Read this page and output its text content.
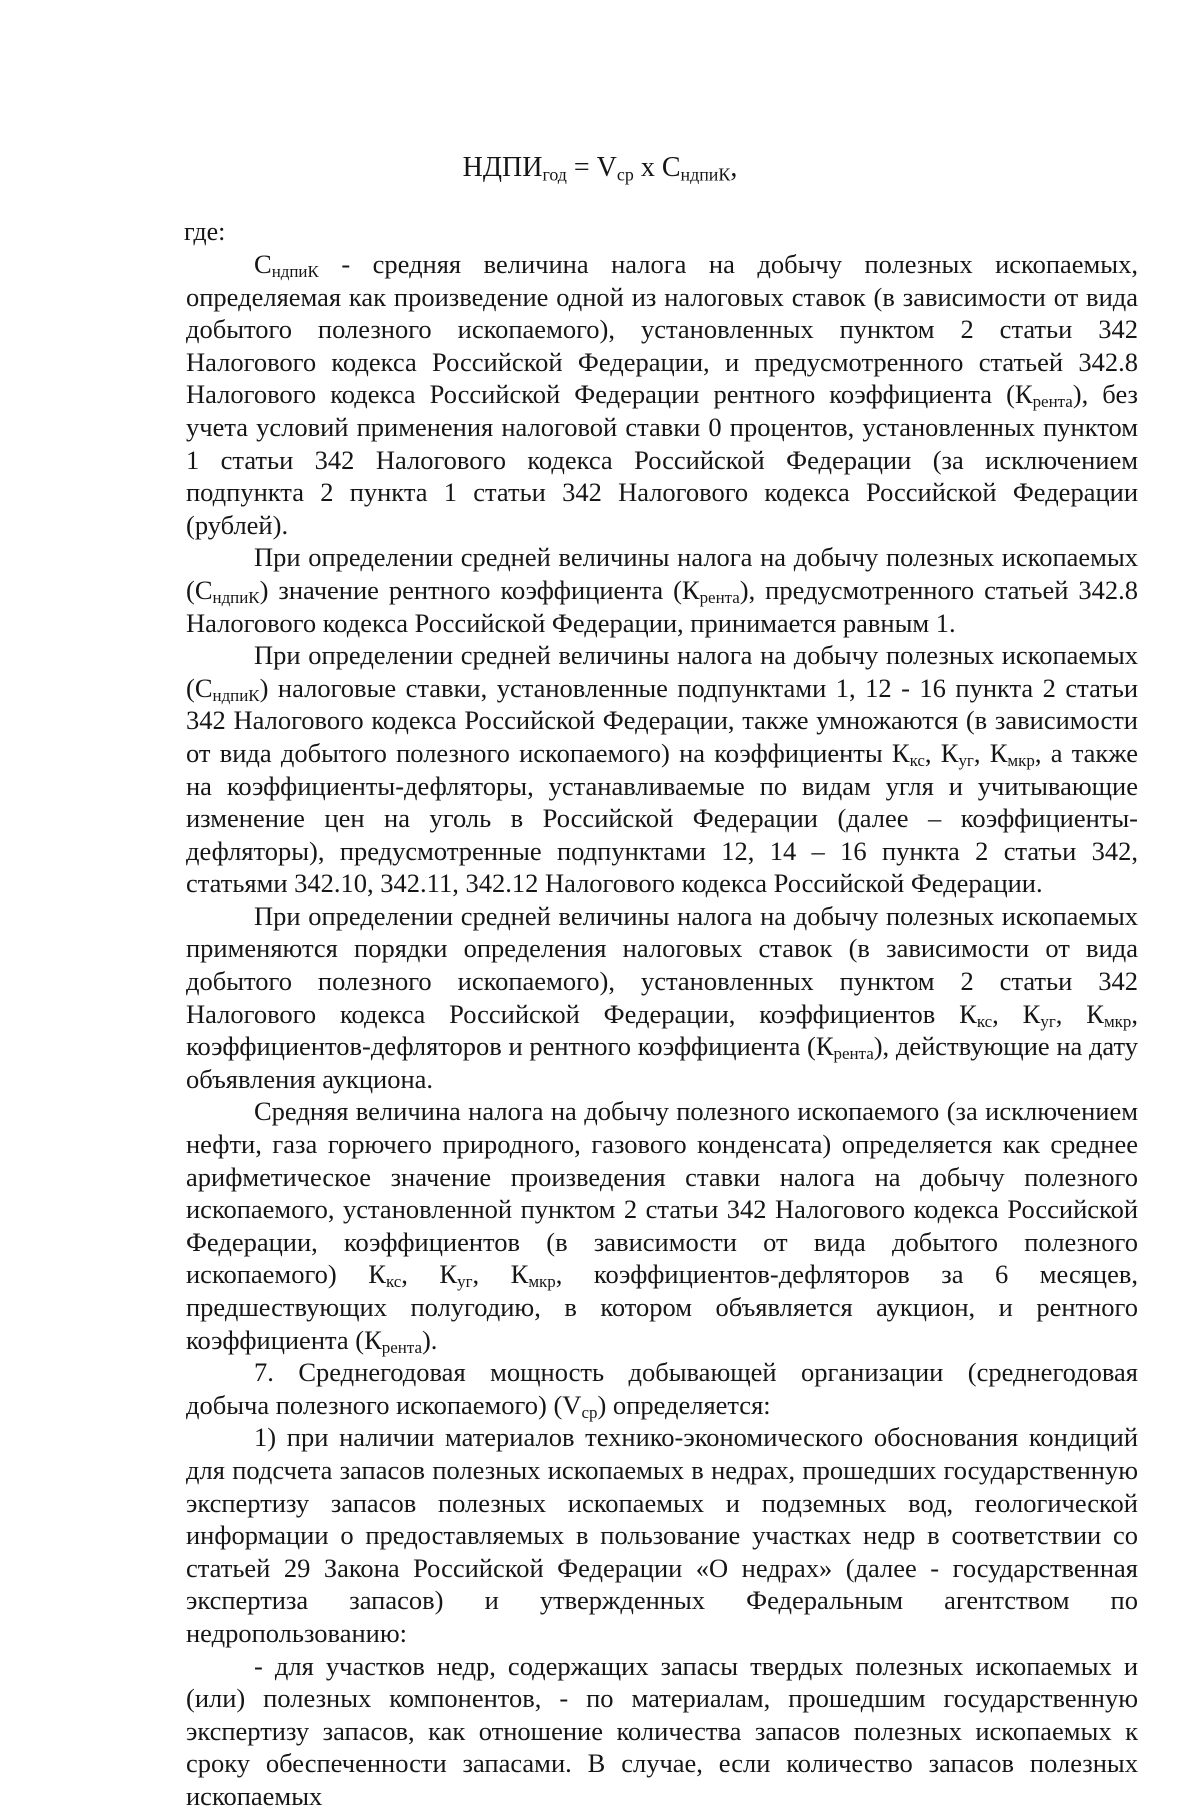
$НДПИ_{год} = V_{ср}$ х $С_{ндпиК}$,
где:

$С_{ндпиК}$ - средняя величина налога на добычу полезных ископаемых, определяемая как произведение одной из налоговых ставок (в зависимости от вида добытого полезного ископаемого), установленных пунктом 2 статьи 342 Налогового кодекса Российской Федерации, и предусмотренного статьей 342.8 Налогового кодекса Российской Федерации рентного коэффициента $(К_{рента})$, без учета условий применения налоговой ставки 0 процентов, установленных пунктом 1 статьи 342 Налогового кодекса Российской Федерации (за исключением подпункта 2 пункта 1 статьи 342 Налогового кодекса Российской Федерации (рублей).

При определении средней величины налога на добычу полезных ископаемых $(С_{ндпиК})$ значение рентного коэффициента $(К_{рента})$, предусмотренного статьей 342.8 Налогового кодекса Российской Федерации, принимается равным 1.

При определении средней величины налога на добычу полезных ископаемых $(С_{ндпиК})$ налоговые ставки, установленные подпунктами 1, 12 - 16 пункта 2 статьи 342 Налогового кодекса Российской Федерации, также умножаются (в зависимости от вида добытого полезного ископаемого) на коэффициенты $К_{кс}$, $К_{уг}$, $К_{мкр}$, а также на коэффициенты-дефляторы, устанавливаемые по видам угля и учитывающие изменение цен на уголь в Российской Федерации (далее – коэффициенты-дефляторы), предусмотренные подпунктами 12, 14 – 16 пункта 2 статьи 342, статьями 342.10, 342.11, 342.12 Налогового кодекса Российской Федерации.

При определении средней величины налога на добычу полезных ископаемых применяются порядки определения налоговых ставок (в зависимости от вида добытого полезного ископаемого), установленных пунктом 2 статьи 342 Налогового кодекса Российской Федерации, коэффициентов $К_{кс}$, $К_{уг}$, $К_{мкр}$, коэффициентов-дефляторов и рентного коэффициента $(К_{рента})$, действующие на дату объявления аукциона.

Средняя величина налога на добычу полезного ископаемого (за исключением нефти, газа горючего природного, газового конденсата) определяется как среднее арифметическое значение произведения ставки налога на добычу полезного ископаемого, установленной пунктом 2 статьи 342 Налогового кодекса Российской Федерации, коэффициентов (в зависимости от вида добытого полезного ископаемого) $К_{кс}$, $К_{уг}$, $К_{мкр}$, коэффициентов-дефляторов за 6 месяцев, предшествующих полугодию, в котором объявляется аукцион, и рентного коэффициента $(К_{рента})$.

7. Среднегодовая мощность добывающей организации (среднегодовая добыча полезного ископаемого) $(V_{ср})$ определяется:

1) при наличии материалов технико-экономического обоснования кондиций для подсчета запасов полезных ископаемых в недрах, прошедших государственную экспертизу запасов полезных ископаемых и подземных вод, геологической информации о предоставляемых в пользование участках недр в соответствии со статьей 29 Закона Российской Федерации «О недрах» (далее - государственная экспертиза запасов) и утвержденных Федеральным агентством по недропользованию:

- для участков недр, содержащих запасы твердых полезных ископаемых и (или) полезных компонентов, - по материалам, прошедшим государственную экспертизу запасов, как отношение количества запасов полезных ископаемых к сроку обеспеченности запасами. В случае, если количество запасов полезных ископаемых
